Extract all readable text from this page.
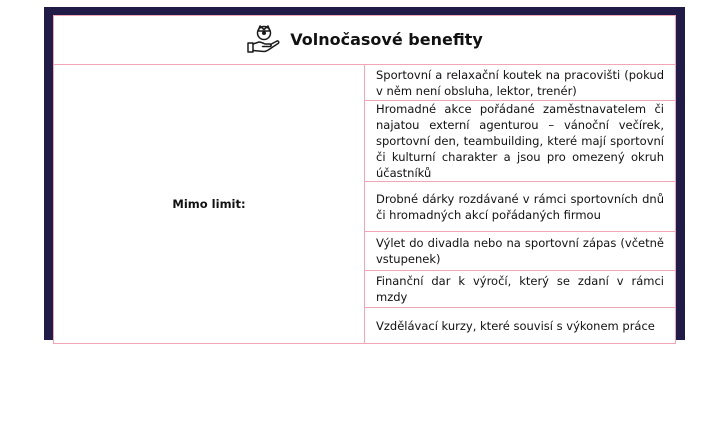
Volnočasové benefity

Mimo limit:	Sportovní a relaxační koutek na pracovišti (pokud v něm není obsluha, lektor, trenér)
Hromadné akce pořádané zaměstnavatelem či najatou externí agenturou – vánoční večírek, sportovní den, teambuilding, které mají sportovní či kulturní charakter a jsou pro omezený okruh účastníků
Drobné dárky rozdávané v rámci sportovních dnů či hromadných akcí pořádaných firmou
Výlet do divadla nebo na sportovní zápas (včetně vstupenek)
Finanční dar k výročí, který se zdaní v rámci mzdy
Vzdělávací kurzy, které souvisí s výkonem práce
